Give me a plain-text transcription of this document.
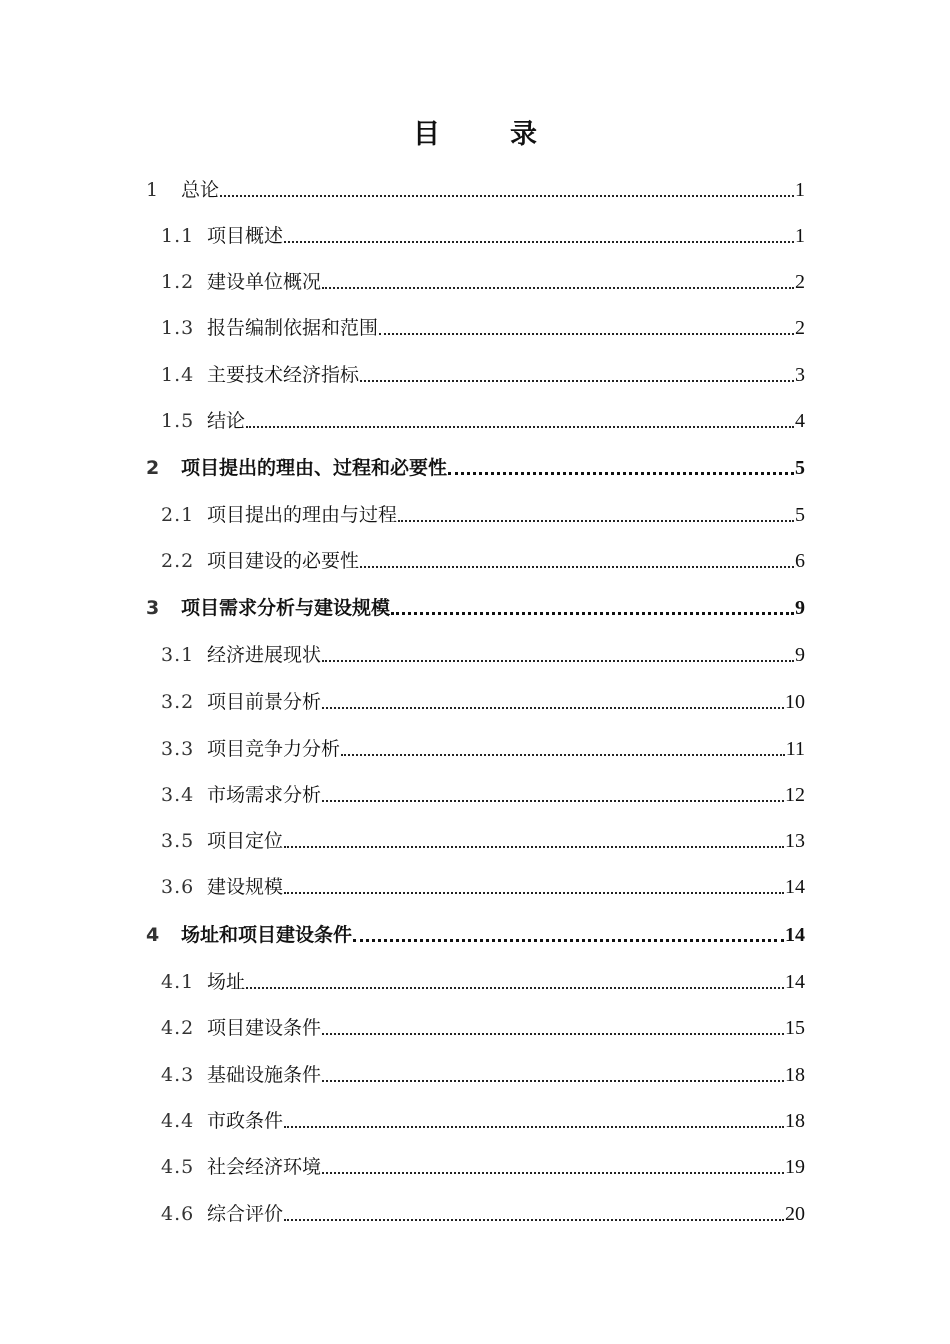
目	录
1	总论	1
1.1 项目概述	1
1.2 建设单位概况	2
1.3 报告编制依据和范围	2
1.4 主要技术经济指标	3
1.5 结论	4
2	项目提出的理由、过程和必要性	5
2.1 项目提出的理由与过程	5
2.2 项目建设的必要性	6
3	项目需求分析与建设规模	9
3.1 经济进展现状	9
3.2 项目前景分析	10
3.3 项目竞争力分析	11
3.4 市场需求分析	12
3.5 项目定位	13
3.6 建设规模	14
4	场址和项目建设条件	14
4.1 场址	14
4.2 项目建设条件	15
4.3 基础设施条件	18
4.4 市政条件	18
4.5 社会经济环境	19
4.6 综合评价	20
